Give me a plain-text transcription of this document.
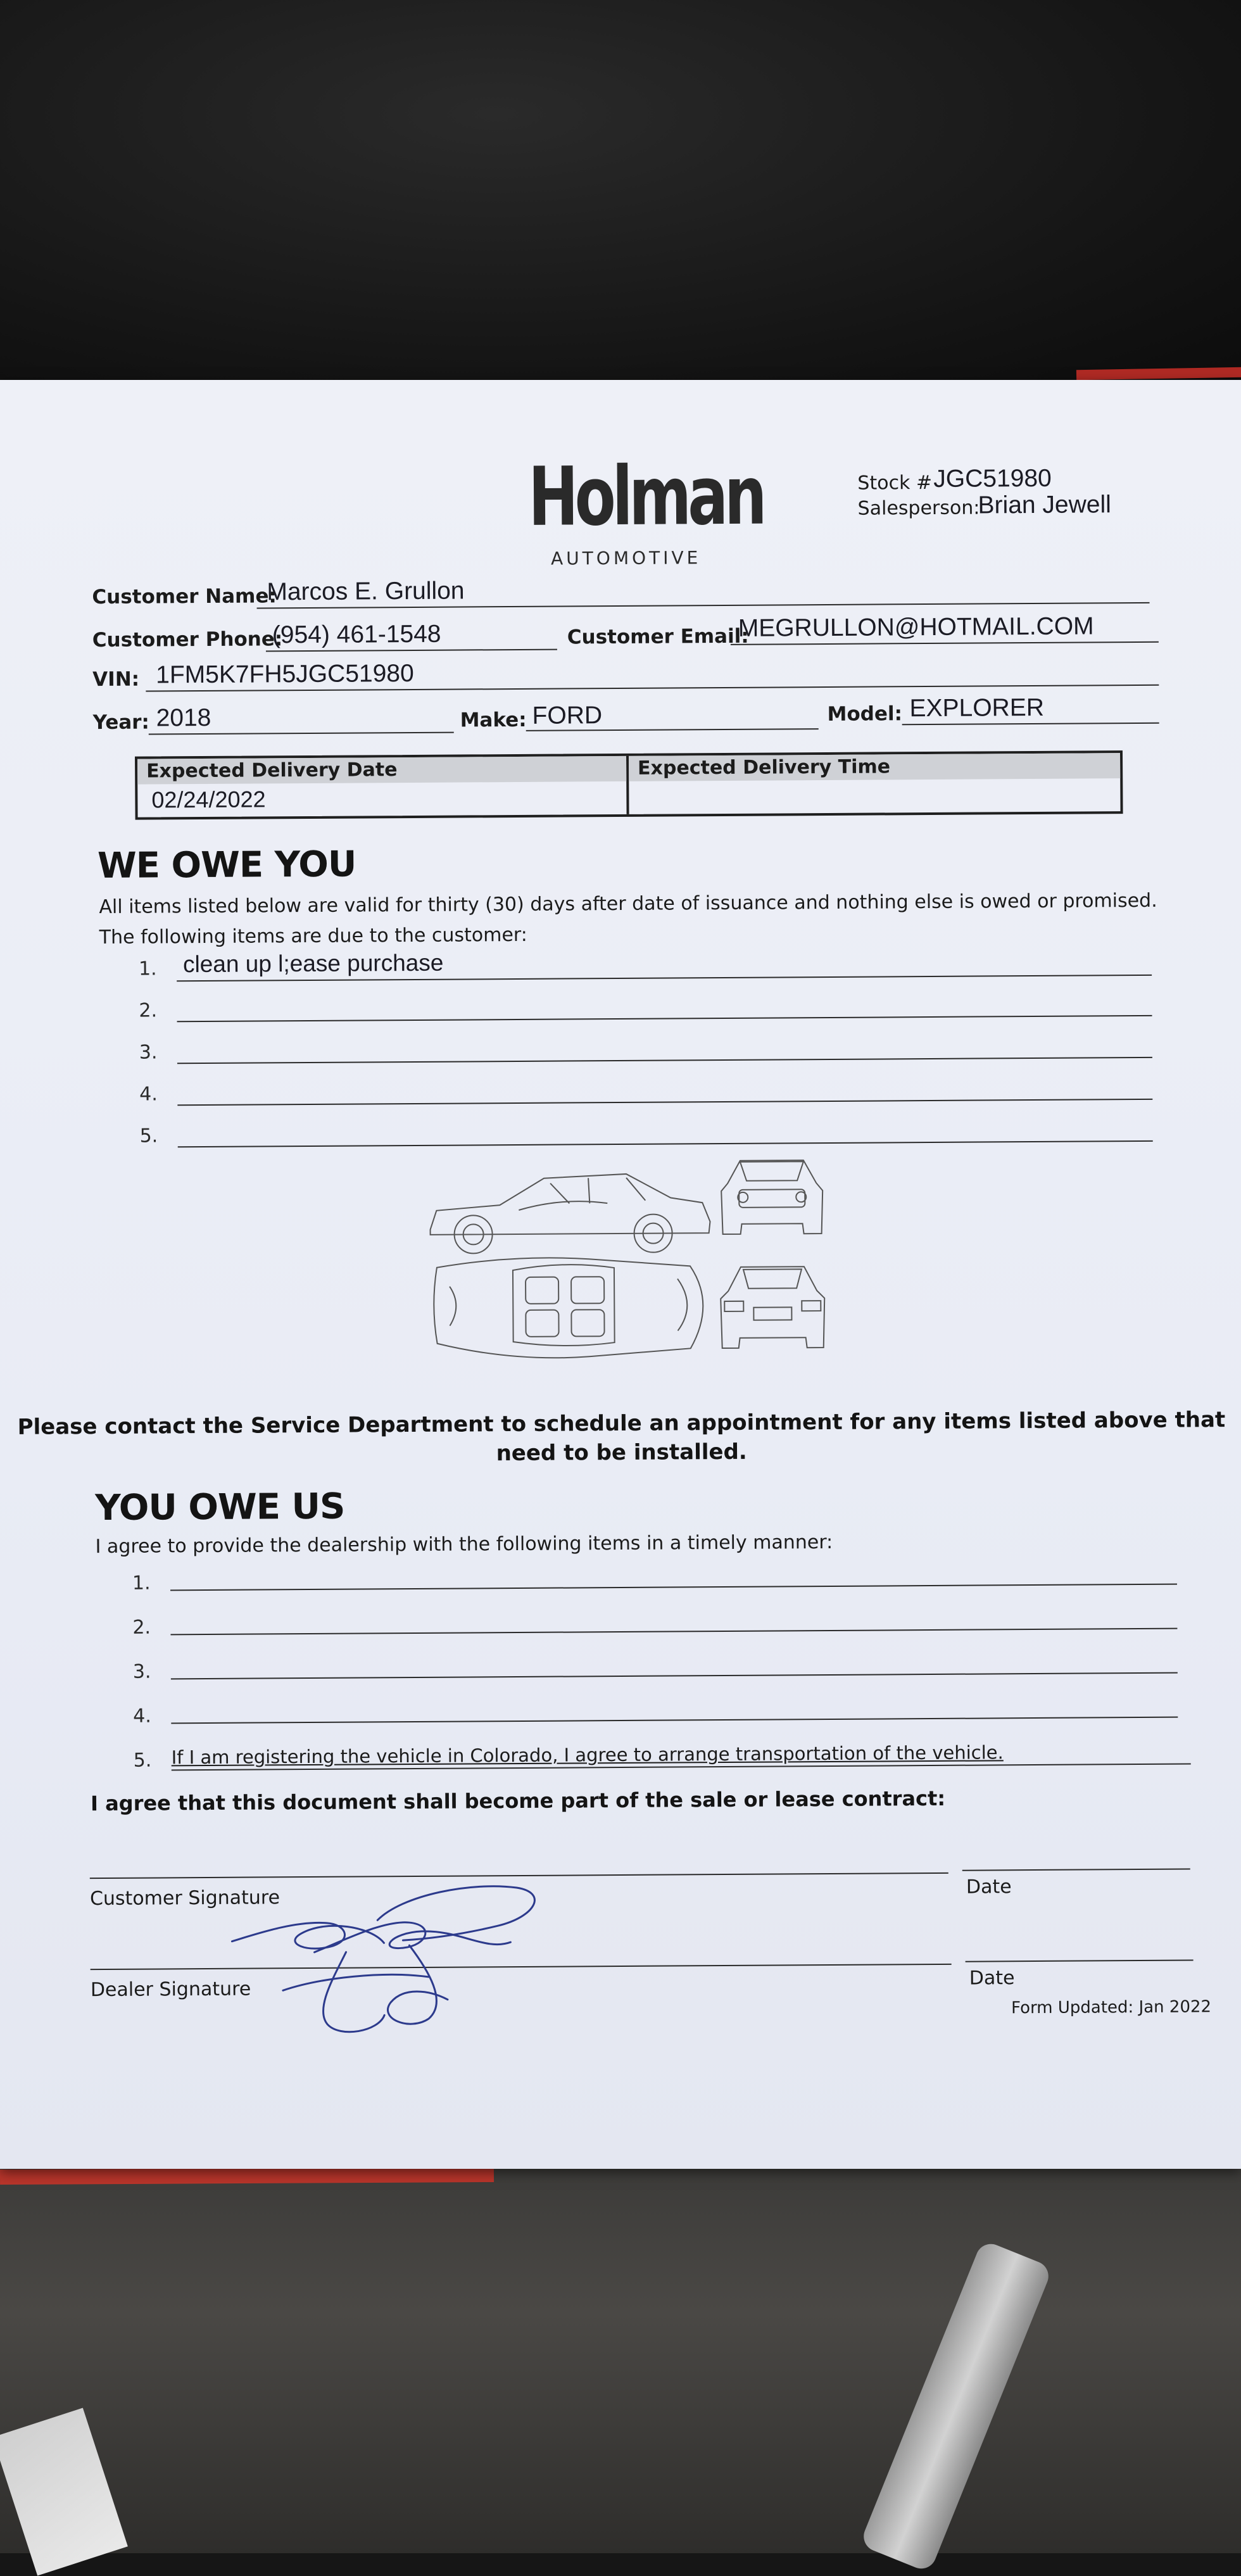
Holman
AUTOMOTIVE
Stock # JGC51980
Salesperson:
Brian Jewell
Customer Name:
Marcos E. Grullon
Customer Phone:
(954) 461-1548	Customer Email:
MEGRULLON@HOTMAIL.COM
VIN: 1FM5K7FH5JGC51980
Year: 2018	Make: FORD	Model: EXPLORER
Expected Delivery Date
02/24/2022
Expected Delivery Time
WE OWE YOU
All items listed below are valid for thirty (30) days after date of issuance and nothing else is owed or promised.
The following items are due to the customer:
1. clean up l;ease purchase
2.
3.
4.
5.
Please contact the Service Department to schedule an appointment for any items listed above that
need to be installed.
YOU OWE US
I agree to provide the dealership with the following items in a timely manner:
1.
2.
3.
4.
5. If I am registering the vehicle in Colorado, I agree to arrange transportation of the vehicle.
I agree that this document shall become part of the sale or lease contract:
Customer Signature	Date
Dealer Signature	Date
Form Updated: Jan 2022
